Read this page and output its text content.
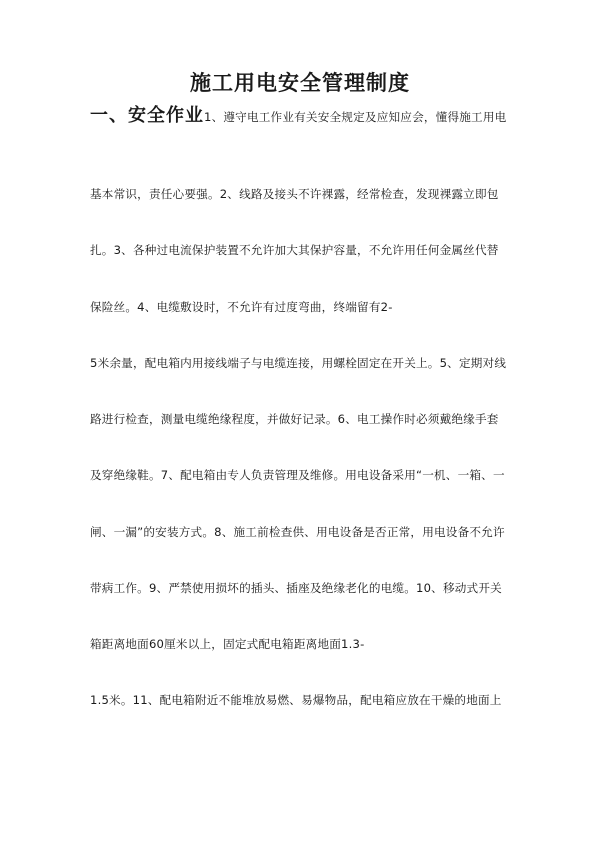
施工用电安全管理制度
一、安全作业1、遵守电工作业有关安全规定及应知应会，懂得施工用电
基本常识，责任心要强。2、线路及接头不许裸露，经常检查，发现裸露立即包
扎。3、各种过电流保护装置不允许加大其保护容量，不允许用任何金属丝代替
保险丝。4、电缆敷设时，不允许有过度弯曲，终端留有2-
5米余量，配电箱内用接线端子与电缆连接，用螺栓固定在开关上。5、定期对线
路进行检查，测量电缆绝缘程度，并做好记录。6、电工操作时必须戴绝缘手套
及穿绝缘鞋。7、配电箱由专人负责管理及维修。用电设备采用“一机、一箱、一
闸、一漏”的安装方式。8、施工前检查供、用电设备是否正常，用电设备不允许
带病工作。9、严禁使用损坏的插头、插座及绝缘老化的电缆。10、移动式开关
箱距离地面60厘米以上，固定式配电箱距离地面1.3-
1.5米。11、配电箱附近不能堆放易燃、易爆物品，配电箱应放在干燥的地面上
